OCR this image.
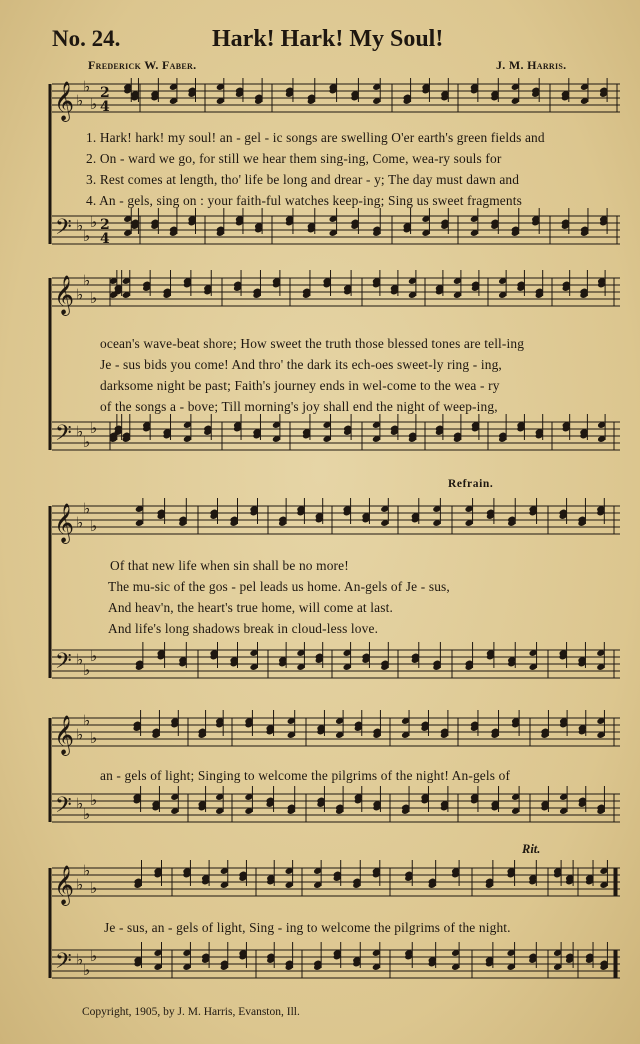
No. 24.	Hark! Hark! My Soul!
Frederick W. Faber.	J. M. Harris.
𝄞 ♭
♭
♭
𝄢 ♭
♭
♭
2
4
2
4
1. Hark! hark! my soul! an - gel - ic songs are swelling O'er earth's green fields and
2. On - ward we go, for still we hear them sing-ing, Come, wea-ry souls for
3. Rest comes at length, tho' life be long and drear - y; The day must dawn and
4. An - gels, sing on : your faith-ful watches keep-ing; Sing us sweet fragments
𝄞 ♭
♭
♭
𝄢 ♭
♭
♭
ocean's wave-beat shore; How sweet the truth those blessed tones are tell-ing
Je - sus bids you come! And thro' the dark its ech-oes sweet-ly ring - ing,
darksome night be past; Faith's journey ends in wel-come to the wea - ry
of the songs a - bove; Till morning's joy shall end the night of weep-ing,
Refrain.
𝄞 ♭
♭
♭
𝄢 ♭
♭
♭
Of that new life when sin shall be no more!
The mu-sic of the gos - pel leads us home. An-gels of Je - sus,
And heav'n, the heart's true home, will come at last.
And life's long shadows break in cloud-less love.
𝄞 ♭
♭
♭
𝄢 ♭
♭
♭
an - gels of light; Singing to welcome the pilgrims of the night! An-gels of
Rit.
𝄞 ♭
♭
♭
𝄢 ♭
♭
♭
Je - sus, an - gels of light, Sing - ing to welcome the pilgrims of the night.
Copyright, 1905, by J. M. Harris, Evanston, Ill.
